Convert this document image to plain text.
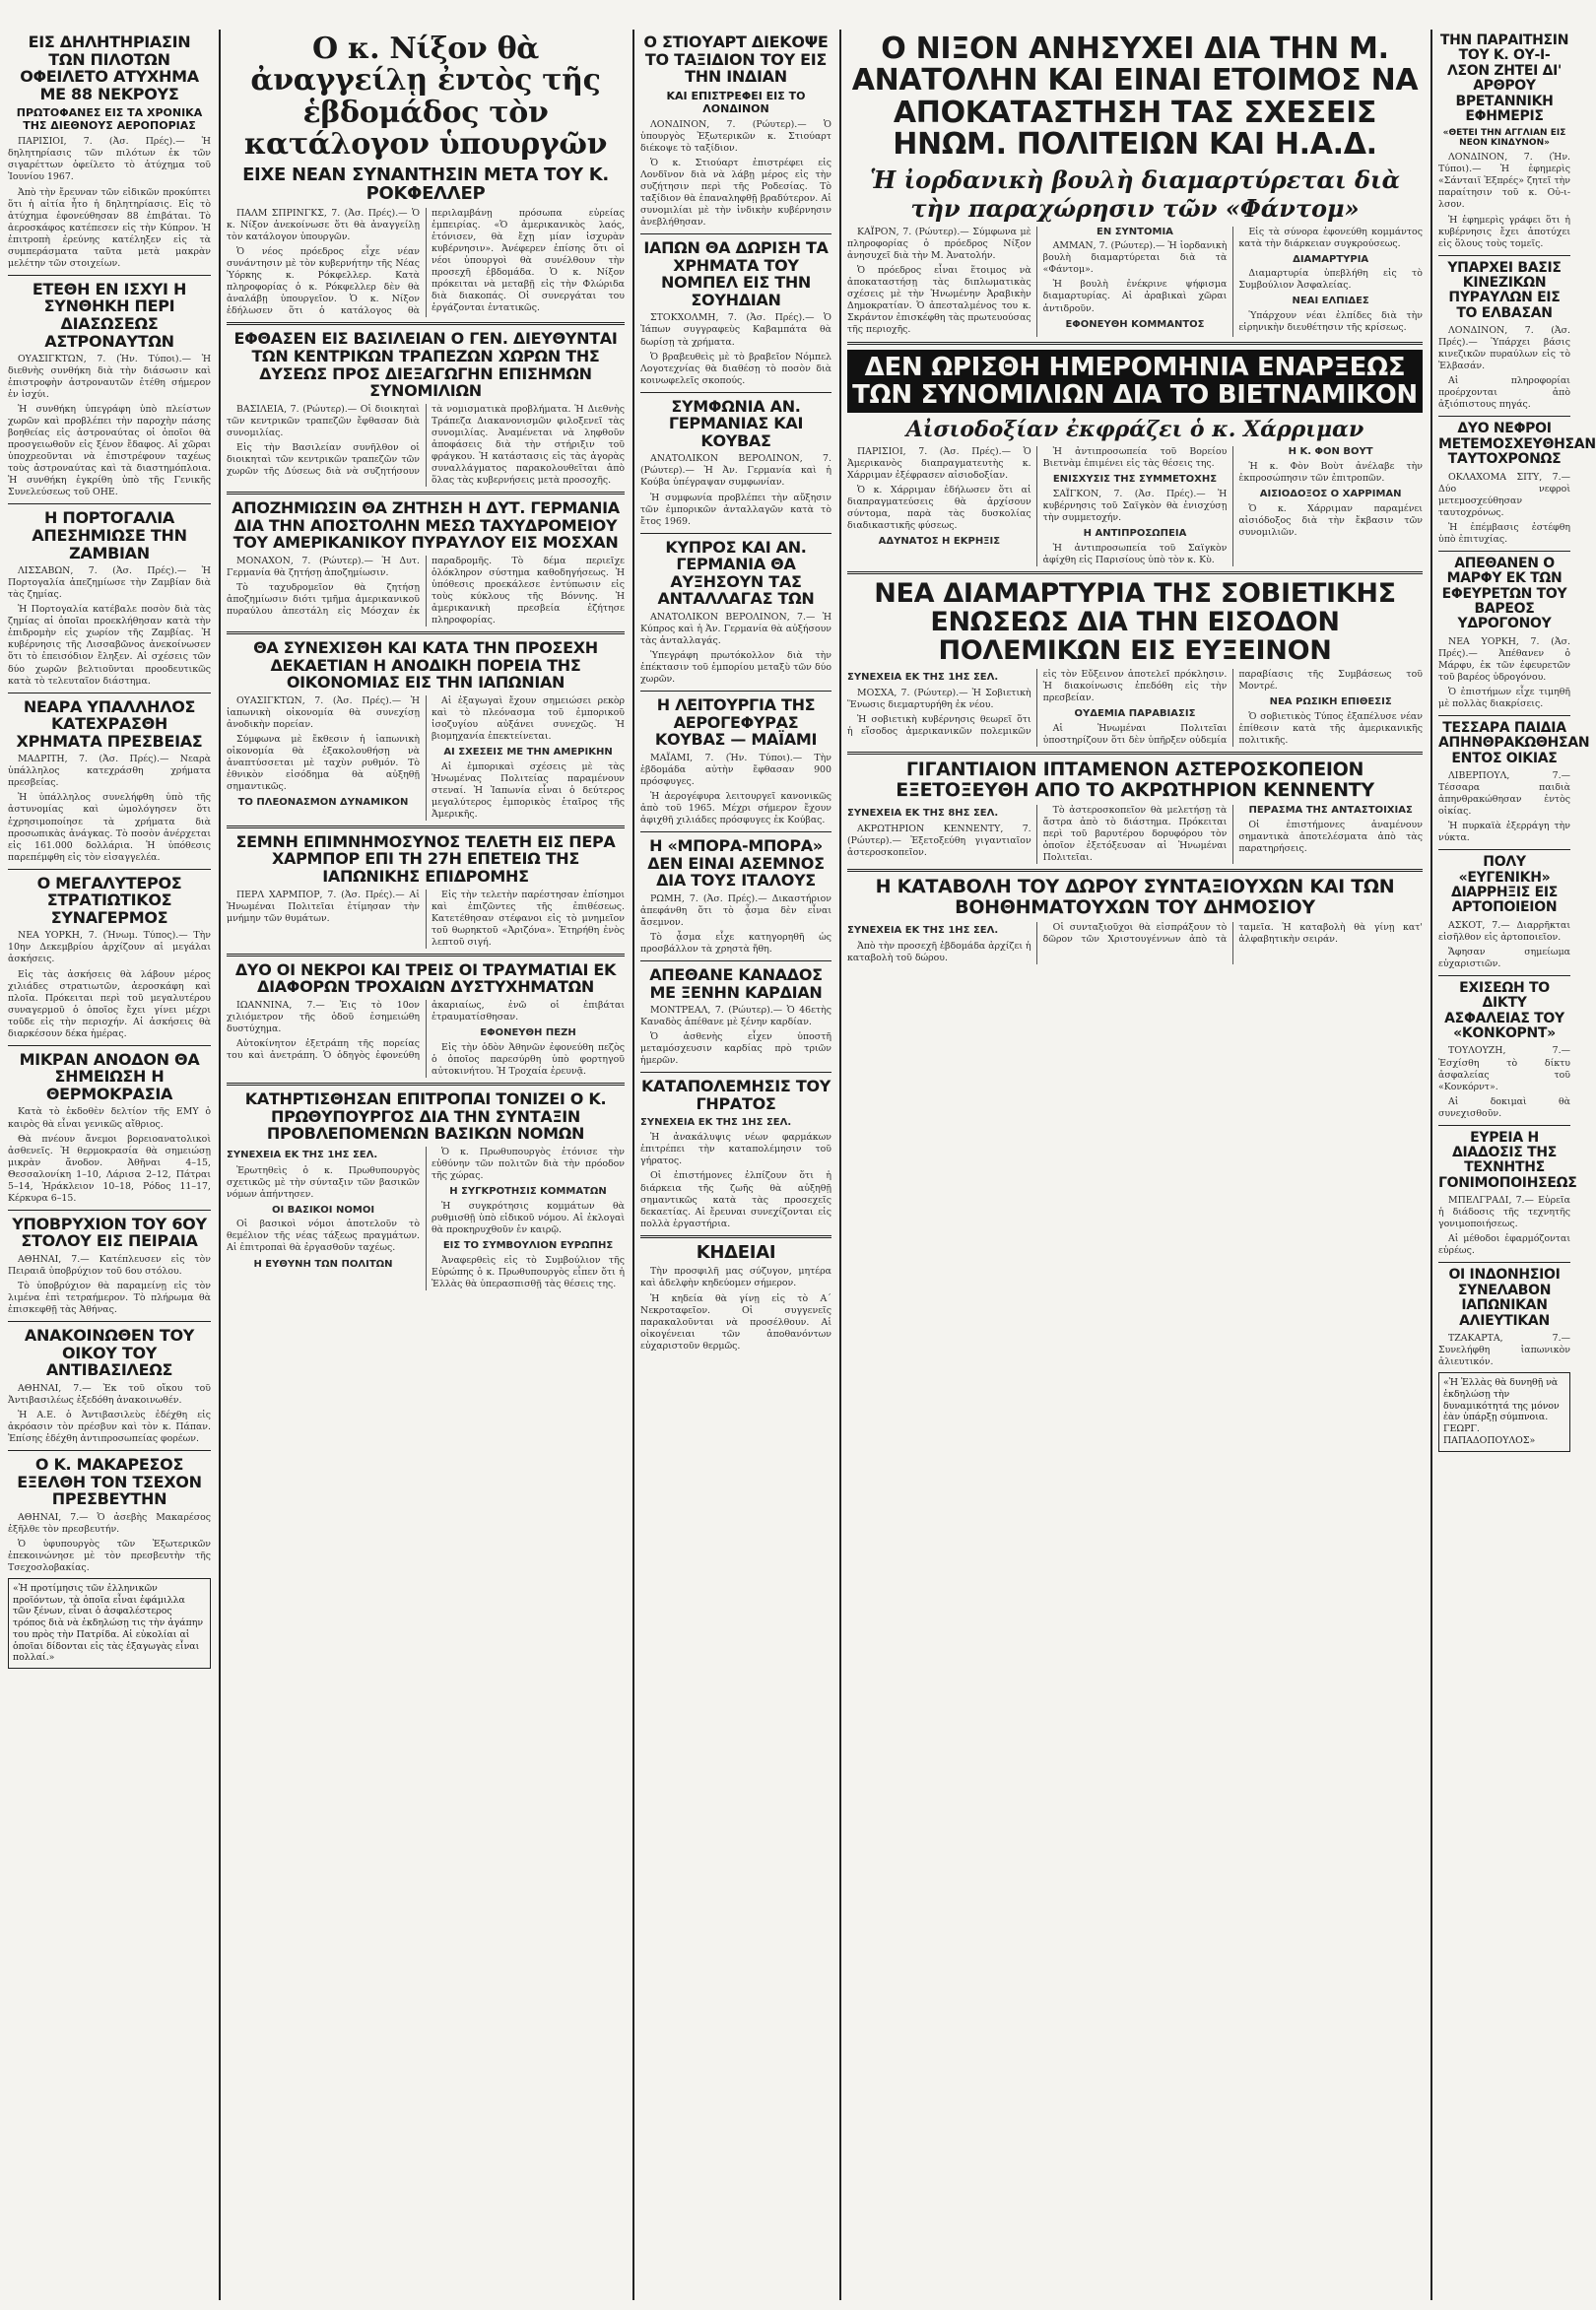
ΕΙΣ ΔΗΛΗΤΗΡΙΑΣΙΝ ΤΩΝ ΠΙΛΟΤΩΝ ΟΦΕΙΛΕΤΟ ΑΤΥΧΗΜΑ ΜΕ 88 ΝΕΚΡΟΥΣ
ΠΡΩΤΟΦΑΝΕΣ ΕΙΣ ΤΑ ΧΡΟΝΙΚΑ ΤΗΣ ΔΙΕΘΝΟΥΣ ΑΕΡΟΠΟΡΙΑΣ

ΠΑΡΙΣΙΟΙ, 7. (Ἀσ. Πρές).— Ἡ δηλητηρίασις τῶν πιλότων ἐκ τῶν σιγαρέττων ὀφείλετο τὸ ἀτύχημα τοῦ Ἰουνίου 1967.

Ἀπὸ τὴν ἔρευναν τῶν εἰδικῶν προκύπτει ὅτι ἡ αἰτία ἦτο ἡ δηλητηρίασις. Εἰς τὸ ἀτύχημα ἐφονεύθησαν 88 ἐπιβάται. Τὸ ἀεροσκάφος κατέπεσεν εἰς τὴν Κύπρον. Ἡ ἐπιτροπὴ ἐρεύνης κατέληξεν εἰς τὰ συμπεράσματα ταῦτα μετὰ μακρὰν μελέτην τῶν στοιχείων.

ΕΤΕΘΗ ΕΝ ΙΣΧΥΙ Η ΣΥΝΘΗΚΗ ΠΕΡΙ ΔΙΑΣΩΣΕΩΣ ΑΣΤΡΟΝΑΥΤΩΝ

ΟΥΑΣΙΓΚΤΩΝ, 7. (Ἡν. Τύποι).— Ἡ διεθνὴς συνθήκη διὰ τὴν διάσωσιν καὶ ἐπιστροφὴν ἀστροναυτῶν ἐτέθη σήμερον ἐν ἰσχύι.

Ἡ συνθήκη ὑπεγράφη ὑπὸ πλείστων χωρῶν καὶ προβλέπει τὴν παροχὴν πάσης βοηθείας εἰς ἀστροναύτας οἱ ὁποῖοι θὰ προσγειωθοῦν εἰς ξένον ἔδαφος. Αἱ χῶραι ὑποχρεοῦνται νὰ ἐπιστρέφουν ταχέως τοὺς ἀστροναύτας καὶ τὰ διαστημόπλοια. Ἡ συνθήκη ἐγκρίθη ὑπὸ τῆς Γενικῆς Συνελεύσεως τοῦ ΟΗΕ.

Η ΠΟΡΤΟΓΑΛΙΑ ΑΠΕΣΗΜΙΩΣΕ ΤΗΝ ΖΑΜΒΙΑΝ

ΛΙΣΣΑΒΩΝ, 7. (Ἀσ. Πρές).— Ἡ Πορτογαλία ἀπεζημίωσε τὴν Ζαμβίαν διὰ τὰς ζημίας.

Ἡ Πορτογαλία κατέβαλε ποσὸν διὰ τὰς ζημίας αἱ ὁποῖαι προεκλήθησαν κατὰ τὴν ἐπιδρομὴν εἰς χωρίον τῆς Ζαμβίας. Ἡ κυβέρνησις τῆς Λισσαβῶνος ἀνεκοίνωσεν ὅτι τὸ ἐπεισόδιον ἔληξεν. Αἱ σχέσεις τῶν δύο χωρῶν βελτιοῦνται προοδευτικῶς κατὰ τὸ τελευταῖον διάστημα.

ΝΕΑΡΑ ΥΠΑΛΛΗΛΟΣ ΚΑΤΕΧΡΑΣΘΗ ΧΡΗΜΑΤΑ ΠΡΕΣΒΕΙΑΣ

ΜΑΔΡΙΤΗ, 7. (Ἀσ. Πρές).— Νεαρὰ ὑπάλληλος κατεχράσθη χρήματα πρεσβείας.

Ἡ ὑπάλληλος συνελήφθη ὑπὸ τῆς ἀστυνομίας καὶ ὡμολόγησεν ὅτι ἐχρησιμοποίησε τὰ χρήματα διὰ προσωπικὰς ἀνάγκας. Τὸ ποσὸν ἀνέρχεται εἰς 161.000 δολλάρια. Ἡ ὑπόθεσις παρεπέμφθη εἰς τὸν εἰσαγγελέα.

Ο ΜΕΓΑΛΥΤΕΡΟΣ ΣΤΡΑΤΙΩΤΙΚΟΣ ΣΥΝΑΓΕΡΜΟΣ

ΝΕΑ ΥΟΡΚΗ, 7. (Ἡνωμ. Τύπος).— Τὴν 10ην Δεκεμβρίου ἀρχίζουν αἱ μεγάλαι ἀσκήσεις.

Εἰς τὰς ἀσκήσεις θὰ λάβουν μέρος χιλιάδες στρατιωτῶν, ἀεροσκάφη καὶ πλοῖα. Πρόκειται περὶ τοῦ μεγαλυτέρου συναγερμοῦ ὁ ὁποῖος ἔχει γίνει μέχρι τοῦδε εἰς τὴν περιοχήν. Αἱ ἀσκήσεις θὰ διαρκέσουν δέκα ἡμέρας.

ΜΙΚΡΑΝ ΑΝΟΔΟΝ ΘΑ ΣΗΜΕΙΩΣΗ Η ΘΕΡΜΟΚΡΑΣΙΑ

Κατὰ τὸ ἐκδοθὲν δελτίον τῆς ΕΜΥ ὁ καιρὸς θὰ εἶναι γενικῶς αἴθριος.

Θὰ πνέουν ἄνεμοι βορειοανατολικοὶ ἀσθενεῖς. Ἡ θερμοκρασία θὰ σημειώσῃ μικρὰν ἄνοδον. Ἀθῆναι 4–15, Θεσσαλονίκη 1–10, Λάρισα 2–12, Πάτραι 5–14, Ἡράκλειον 10–18, Ρόδος 11–17, Κέρκυρα 6–15.

ΥΠΟΒΡΥΧΙΟΝ ΤΟΥ 6ΟΥ ΣΤΟΛΟΥ ΕΙΣ ΠΕΙΡΑΙΑ

ΑΘΗΝΑΙ, 7.— Κατέπλευσεν εἰς τὸν Πειραιᾶ ὑποβρύχιον τοῦ 6ου στόλου.

Τὸ ὑποβρύχιον θὰ παραμείνῃ εἰς τὸν λιμένα ἐπὶ τετραήμερον. Τὸ πλήρωμα θὰ ἐπισκεφθῇ τὰς Ἀθήνας.

ΑΝΑΚΟΙΝΩΘΕΝ ΤΟΥ ΟΙΚΟΥ ΤΟΥ ΑΝΤΙΒΑΣΙΛΕΩΣ

ΑΘΗΝΑΙ, 7.— Ἐκ τοῦ οἴκου τοῦ Ἀντιβασιλέως ἐξεδόθη ἀνακοινωθέν.

Ἡ Α.Ε. ὁ Ἀντιβασιλεὺς ἐδέχθη εἰς ἀκρόασιν τὸν πρέσβυν καὶ τὸν κ. Πάπαν. Ἐπίσης ἐδέχθη ἀντιπροσωπείας φορέων.

Ο Κ. ΜΑΚΑΡΕΣΟΣ ΕΞΕΛΘΗ ΤΟΝ ΤΣΕΧΟΝ ΠΡΕΣΒΕΥΤΗΝ

ΑΘΗΝΑΙ, 7.— Ὁ ἀσεβὴς Μακαρέσος ἐξῆλθε τὸν πρεσβευτήν.

Ὁ ὑφυπουργὸς τῶν Ἐξωτερικῶν ἐπεκοινώνησε μὲ τὸν πρεσβευτὴν τῆς Τσεχοσλοβακίας.

«Ἡ προτίμησις τῶν ἑλληνικῶν προϊόντων, τὰ ὁποῖα εἶναι ἐφάμιλλα τῶν ξένων, εἶναι ὁ ἀσφαλέστερος τρόπος διὰ νὰ ἐκδηλώσῃ τις τὴν ἀγάπην του πρὸς τὴν Πατρίδα. Αἱ εὐκολίαι αἱ ὁποῖαι δίδονται εἰς τὰς ἐξαγωγὰς εἶναι πολλαί.»
Ο κ. Νίξον θὰ ἀναγγείλῃ ἐντὸς τῆς ἑβδομάδος τὸν κατάλογον ὑπουργῶν
ΕΙΧΕ ΝΕΑΝ ΣΥΝΑΝΤΗΣΙΝ ΜΕΤΑ ΤΟΥ Κ. ΡΟΚΦΕΛΛΕΡ

ΠΑΛΜ ΣΠΡΙΝΓΚΣ, 7. (Ἀσ. Πρές).— Ὁ κ. Νίξον ἀνεκοίνωσε ὅτι θὰ ἀναγγείλῃ τὸν κατάλογον ὑπουργῶν.

Ὁ νέος πρόεδρος εἶχε νέαν συνάντησιν μὲ τὸν κυβερνήτην τῆς Νέας Ὑόρκης κ. Ρόκφελλερ. Κατὰ πληροφορίας ὁ κ. Ρόκφελλερ δὲν θὰ ἀναλάβῃ ὑπουργεῖον. Ὁ κ. Νίξον ἐδήλωσεν ὅτι ὁ κατάλογος θὰ περιλαμβάνῃ πρόσωπα εὐρείας ἐμπειρίας. «Ὁ ἀμερικανικὸς λαός, ἐτόνισεν, θὰ ἔχῃ μίαν ἰσχυρὰν κυβέρνησιν». Ἀνέφερεν ἐπίσης ὅτι οἱ νέοι ὑπουργοὶ θὰ συνέλθουν τὴν προσεχῆ ἑβδομάδα. Ὁ κ. Νίξον πρόκειται νὰ μεταβῇ εἰς τὴν Φλώριδα διὰ διακοπάς. Οἱ συνεργάται του ἐργάζονται ἐντατικῶς.

ΕΦΘΑΣΕΝ ΕΙΣ ΒΑΣΙΛΕΙΑΝ Ο ΓΕΝ. ΔΙΕΥΘΥΝΤΑΙ ΤΩΝ ΚΕΝΤΡΙΚΩΝ ΤΡΑΠΕΖΩΝ ΧΩΡΩΝ ΤΗΣ ΔΥΣΕΩΣ ΠΡΟΣ ΔΙΕΞΑΓΩΓΗΝ ΕΠΙΣΗΜΩΝ ΣΥΝΟΜΙΛΙΩΝ

ΒΑΣΙΛΕΙΑ, 7. (Ρώυτερ).— Οἱ διοικηταὶ τῶν κεντρικῶν τραπεζῶν ἔφθασαν διὰ συνομιλίας.

Εἰς τὴν Βασιλείαν συνῆλθον οἱ διοικηταὶ τῶν κεντρικῶν τραπεζῶν τῶν χωρῶν τῆς Δύσεως διὰ νὰ συζητήσουν τὰ νομισματικὰ προβλήματα. Ἡ Διεθνὴς Τράπεζα Διακανονισμῶν φιλοξενεῖ τὰς συνομιλίας. Ἀναμένεται νὰ ληφθοῦν ἀποφάσεις διὰ τὴν στήριξιν τοῦ φράγκου. Ἡ κατάστασις εἰς τὰς ἀγορὰς συναλλάγματος παρακολουθεῖται ἀπὸ ὅλας τὰς κυβερνήσεις μετὰ προσοχῆς.

ΑΠΟΖΗΜΙΩΣΙΝ ΘΑ ΖΗΤΗΣΗ Η ΔΥΤ. ΓΕΡΜΑΝΙΑ ΔΙΑ ΤΗΝ ΑΠΟΣΤΟΛΗΝ ΜΕΣΩ ΤΑΧΥΔΡΟΜΕΙΟΥ ΤΟΥ ΑΜΕΡΙΚΑΝΙΚΟΥ ΠΥΡΑΥΛΟΥ ΕΙΣ ΜΟΣΧΑΝ

ΜΟΝΑΧΟΝ, 7. (Ρώυτερ).— Ἡ Δυτ. Γερμανία θὰ ζητήσῃ ἀποζημίωσιν.

Τὸ ταχυδρομεῖον θὰ ζητήσῃ ἀποζημίωσιν διότι τμῆμα ἀμερικανικοῦ πυραύλου ἀπεστάλη εἰς Μόσχαν ἐκ παραδρομῆς. Τὸ δέμα περιεῖχε ὁλόκληρον σύστημα καθοδηγήσεως. Ἡ ὑπόθεσις προεκάλεσε ἐντύπωσιν εἰς τοὺς κύκλους τῆς Βόννης. Ἡ ἀμερικανικὴ πρεσβεία ἐζήτησε πληροφορίας.

ΘΑ ΣΥΝΕΧΙΣΘΗ ΚΑΙ ΚΑΤΑ ΤΗΝ ΠΡΟΣΕΧΗ ΔΕΚΑΕΤΙΑΝ Η ΑΝΟΔΙΚΗ ΠΟΡΕΙΑ ΤΗΣ ΟΙΚΟΝΟΜΙΑΣ ΕΙΣ ΤΗΝ ΙΑΠΩΝΙΑΝ

ΟΥΑΣΙΓΚΤΩΝ, 7. (Ἀσ. Πρές).— Ἡ ἰαπωνικὴ οἰκονομία θὰ συνεχίσῃ ἀνοδικὴν πορείαν.

Σύμφωνα μὲ ἔκθεσιν ἡ ἰαπωνικὴ οἰκονομία θὰ ἐξακολουθήσῃ νὰ ἀναπτύσσεται μὲ ταχὺν ρυθμόν. Τὸ ἐθνικὸν εἰσόδημα θὰ αὐξηθῇ σημαντικῶς.

ΤΟ ΠΛΕΟΝΑΣΜΟΝ ΔΥΝΑΜΙΚΟΝ

Αἱ ἐξαγωγαὶ ἔχουν σημειώσει ρεκὸρ καὶ τὸ πλεόνασμα τοῦ ἐμπορικοῦ ἰσοζυγίου αὐξάνει συνεχῶς. Ἡ βιομηχανία ἐπεκτείνεται.

ΑΙ ΣΧΕΣΕΙΣ ΜΕ ΤΗΝ ΑΜΕΡΙΚΗΝ

Αἱ ἐμπορικαὶ σχέσεις μὲ τὰς Ἡνωμένας Πολιτείας παραμένουν στεναί. Ἡ Ἰαπωνία εἶναι ὁ δεύτερος μεγαλύτερος ἐμπορικὸς ἑταῖρος τῆς Ἀμερικῆς.

ΣΕΜΝΗ ΕΠΙΜΝΗΜΟΣΥΝΟΣ ΤΕΛΕΤΗ ΕΙΣ ΠΕΡΑ ΧΑΡΜΠΟΡ ΕΠΙ ΤΗ 27Η ΕΠΕΤΕΙΩ ΤΗΣ ΙΑΠΩΝΙΚΗΣ ΕΠΙΔΡΟΜΗΣ

ΠΕΡΛ ΧΑΡΜΠΟΡ, 7. (Ἀσ. Πρές).— Αἱ Ἡνωμέναι Πολιτεῖαι ἐτίμησαν τὴν μνήμην τῶν θυμάτων.

Εἰς τὴν τελετὴν παρέστησαν ἐπίσημοι καὶ ἐπιζῶντες τῆς ἐπιθέσεως. Κατετέθησαν στέφανοι εἰς τὸ μνημεῖον τοῦ θωρηκτοῦ «Ἀριζόνα». Ἐτηρήθη ἐνὸς λεπτοῦ σιγή.

ΔΥΟ ΟΙ ΝΕΚΡΟΙ ΚΑΙ ΤΡΕΙΣ ΟΙ ΤΡΑΥΜΑΤΙΑΙ ΕΚ ΔΙΑΦΟΡΩΝ ΤΡΟΧΑΙΩΝ ΔΥΣΤΥΧΗΜΑΤΩΝ

ΙΩΑΝΝΙΝΑ, 7.— Ἐις τὸ 10ον χιλιόμετρον τῆς ὁδοῦ ἐσημειώθη δυστύχημα.

Αὐτοκίνητον ἐξετράπη τῆς πορείας του καὶ ἀνετράπη. Ὁ ὁδηγὸς ἐφονεύθη ἀκαριαίως, ἐνῶ οἱ ἐπιβάται ἐτραυματίσθησαν.

ΕΦΟΝΕΥΘΗ ΠΕΖΗ

Εἰς τὴν ὁδὸν Ἀθηνῶν ἐφονεύθη πεζὸς ὁ ὁποῖος παρεσύρθη ὑπὸ φορτηγοῦ αὐτοκινήτου. Ἡ Τροχαία ἐρευνᾷ.

ΚΑΤΗΡΤΙΣΘΗΣΑΝ ΕΠΙΤΡΟΠΑΙ ΤΟΝΙΖΕΙ Ο Κ. ΠΡΩΘΥΠΟΥΡΓΟΣ ΔΙΑ ΤΗΝ ΣΥΝΤΑΞΙΝ ΠΡΟΒΛΕΠΟΜΕΝΩΝ ΒΑΣΙΚΩΝ ΝΟΜΩΝ
ΣΥΝΕΧΕΙΑ ΕΚ ΤΗΣ 1ΗΣ ΣΕΛ.

Ἐρωτηθεὶς ὁ κ. Πρωθυπουργὸς σχετικῶς μὲ τὴν σύνταξιν τῶν βασικῶν νόμων ἀπήντησεν.

ΟΙ ΒΑΣΙΚΟΙ ΝΟΜΟΙ

Οἱ βασικοὶ νόμοι ἀποτελοῦν τὸ θεμέλιον τῆς νέας τάξεως πραγμάτων. Αἱ ἐπιτροπαὶ θὰ ἐργασθοῦν ταχέως.

Η ΕΥΘΥΝΗ ΤΩΝ ΠΟΛΙΤΩΝ

Ὁ κ. Πρωθυπουργὸς ἐτόνισε τὴν εὐθύνην τῶν πολιτῶν διὰ τὴν πρόοδον τῆς χώρας.

Η ΣΥΓΚΡΟΤΗΣΙΣ ΚΟΜΜΑΤΩΝ

Ἡ συγκρότησις κομμάτων θὰ ρυθμισθῇ ὑπὸ εἰδικοῦ νόμου. Αἱ ἐκλογαὶ θὰ προκηρυχθοῦν ἐν καιρῷ.

ΕΙΣ ΤΟ ΣΥΜΒΟΥΛΙΟΝ ΕΥΡΩΠΗΣ

Ἀναφερθεὶς εἰς τὸ Συμβούλιον τῆς Εὐρώπης ὁ κ. Πρωθυπουργὸς εἶπεν ὅτι ἡ Ἑλλὰς θὰ ὑπερασπισθῇ τὰς θέσεις της.

Ο ΣΤΙΟΥΑΡΤ ΔΙΕΚΟΨΕ ΤΟ ΤΑΞΙΔΙΟΝ ΤΟΥ ΕΙΣ ΤΗΝ ΙΝΔΙΑΝ
ΚΑΙ ΕΠΙΣΤΡΕΦΕΙ ΕΙΣ ΤΟ ΛΟΝΔΙΝΟΝ

ΛΟΝΔΙΝΟΝ, 7. (Ρώυτερ).— Ὁ ὑπουργὸς Ἐξωτερικῶν κ. Στιούαρτ διέκοψε τὸ ταξίδιον.

Ὁ κ. Στιούαρτ ἐπιστρέφει εἰς Λονδῖνον διὰ νὰ λάβῃ μέρος εἰς τὴν συζήτησιν περὶ τῆς Ροδεσίας. Τὸ ταξίδιον θὰ ἐπαναληφθῇ βραδύτερον. Αἱ συνομιλίαι μὲ τὴν ἰνδικὴν κυβέρνησιν ἀνεβλήθησαν.

ΙΑΠΩΝ ΘΑ ΔΩΡΙΣΗ ΤΑ ΧΡΗΜΑΤΑ ΤΟΥ ΝΟΜΠΕΛ ΕΙΣ ΤΗΝ ΣΟΥΗΔΙΑΝ

ΣΤΟΚΧΟΛΜΗ, 7. (Ἀσ. Πρές).— Ὁ Ἰάπων συγγραφεὺς Καβαμπάτα θὰ δωρίσῃ τὰ χρήματα.

Ὁ βραβευθεὶς μὲ τὸ βραβεῖον Νόμπελ Λογοτεχνίας θὰ διαθέσῃ τὸ ποσὸν διὰ κοινωφελεῖς σκοπούς.

ΣΥΜΦΩΝΙΑ ΑΝ. ΓΕΡΜΑΝΙΑΣ ΚΑΙ ΚΟΥΒΑΣ

ΑΝΑΤΟΛΙΚΟΝ ΒΕΡΟΛΙΝΟΝ, 7. (Ρώυτερ).— Ἡ Ἀν. Γερμανία καὶ ἡ Κούβα ὑπέγραψαν συμφωνίαν.

Ἡ συμφωνία προβλέπει τὴν αὔξησιν τῶν ἐμπορικῶν ἀνταλλαγῶν κατὰ τὸ ἔτος 1969.

ΚΥΠΡΟΣ ΚΑΙ ΑΝ. ΓΕΡΜΑΝΙΑ ΘΑ ΑΥΞΗΣΟΥΝ ΤΑΣ ΑΝΤΑΛΛΑΓΑΣ ΤΩΝ

ΑΝΑΤΟΛΙΚΟΝ ΒΕΡΟΛΙΝΟΝ, 7.— Ἡ Κύπρος καὶ ἡ Ἀν. Γερμανία θὰ αὐξήσουν τὰς ἀνταλλαγάς.

Ὑπεγράφη πρωτόκολλον διὰ τὴν ἐπέκτασιν τοῦ ἐμπορίου μεταξὺ τῶν δύο χωρῶν.

Η ΛΕΙΤΟΥΡΓΙΑ ΤΗΣ ΑΕΡΟΓΕΦΥΡΑΣ ΚΟΥΒΑΣ — ΜΑΪΑΜΙ

ΜΑΪΑΜΙ, 7. (Ἡν. Τύποι).— Τὴν ἑβδομάδα αὐτὴν ἔφθασαν 900 πρόσφυγες.

Ἡ ἀερογέφυρα λειτουργεῖ κανονικῶς ἀπὸ τοῦ 1965. Μέχρι σήμερον ἔχουν ἀφιχθῆ χιλιάδες πρόσφυγες ἐκ Κούβας.

Η «ΜΠΟΡΑ-ΜΠΟΡΑ» ΔΕΝ ΕΙΝΑΙ ΑΣΕΜΝΟΣ ΔΙΑ ΤΟΥΣ ΙΤΑΛΟΥΣ

ΡΩΜΗ, 7. (Ἀσ. Πρές).— Δικαστήριον ἀπεφάνθη ὅτι τὸ ᾆσμα δὲν εἶναι ἄσεμνον.

Τὸ ᾆσμα εἶχε κατηγορηθῆ ὡς προσβάλλον τὰ χρηστὰ ἤθη.

ΑΠΕΘΑΝΕ ΚΑΝΑΔΟΣ ΜΕ ΞΕΝΗΝ ΚΑΡΔΙΑΝ

ΜΟΝΤΡΕΑΛ, 7. (Ρώυτερ).— Ὁ 46ετὴς Καναδὸς ἀπέθανε μὲ ξένην καρδίαν.

Ὁ ἀσθενὴς εἶχεν ὑποστῆ μεταμόσχευσιν καρδίας πρὸ τριῶν ἡμερῶν.

ΚΑΤΑΠΟΛΕΜΗΣΙΣ ΤΟΥ ΓΗΡΑΤΟΣ
ΣΥΝΕΧΕΙΑ ΕΚ ΤΗΣ 1ΗΣ ΣΕΛ.

Ἡ ἀνακάλυψις νέων φαρμάκων ἐπιτρέπει τὴν καταπολέμησιν τοῦ γήρατος.

Οἱ ἐπιστήμονες ἐλπίζουν ὅτι ἡ διάρκεια τῆς ζωῆς θὰ αὐξηθῇ σημαντικῶς κατὰ τὰς προσεχεῖς δεκαετίας. Αἱ ἔρευναι συνεχίζονται εἰς πολλὰ ἐργαστήρια.

ΚΗΔΕΙΑΙ

Τὴν προσφιλῆ μας σύζυγον, μητέρα καὶ ἀδελφὴν κηδεύομεν σήμερον.

Ἡ κηδεία θὰ γίνῃ εἰς τὸ Α΄ Νεκροταφεῖον. Οἱ συγγενεῖς παρακαλοῦνται νὰ προσέλθουν. Αἱ οἰκογένειαι τῶν ἀποθανόντων εὐχαριστοῦν θερμῶς.

Ο ΝΙΞΟΝ ΑΝΗΣΥΧΕΙ ΔΙΑ ΤΗΝ Μ. ΑΝΑΤΟΛΗΝ ΚΑΙ ΕΙΝΑΙ ΕΤΟΙΜΟΣ ΝΑ ΑΠΟΚΑΤΑΣΤΗΣΗ ΤΑΣ ΣΧΕΣΕΙΣ ΗΝΩΜ. ΠΟΛΙΤΕΙΩΝ ΚΑΙ Η.Α.Δ.
Ἡ ἰορδανικὴ βουλὴ διαμαρτύρεται διὰ τὴν παραχώρησιν τῶν «Φάντομ»

ΚΑΪΡΟΝ, 7. (Ρώυτερ).— Σύμφωνα μὲ πληροφορίας ὁ πρόεδρος Νίξον ἀνησυχεῖ διὰ τὴν Μ. Ἀνατολήν.

Ὁ πρόεδρος εἶναι ἕτοιμος νὰ ἀποκαταστήσῃ τὰς διπλωματικὰς σχέσεις μὲ τὴν Ἡνωμένην Ἀραβικὴν Δημοκρατίαν. Ὁ ἀπεσταλμένος του κ. Σκράντον ἐπισκέφθη τὰς πρωτευούσας τῆς περιοχῆς.

ΕΝ ΣΥΝΤΟΜΙΑ

ΑΜΜΑΝ, 7. (Ρώυτερ).— Ἡ ἰορδανικὴ βουλὴ διαμαρτύρεται διὰ τὰ «Φάντομ».

Ἡ βουλὴ ἐνέκρινε ψήφισμα διαμαρτυρίας. Αἱ ἀραβικαὶ χῶραι ἀντιδροῦν.

ΕΦΟΝΕΥΘΗ ΚΟΜΜΑΝΤΟΣ

Εἰς τὰ σύνορα ἐφονεύθη κομμάντος κατὰ τὴν διάρκειαν συγκρούσεως.

ΔΙΑΜΑΡΤΥΡΙΑ

Διαμαρτυρία ὑπεβλήθη εἰς τὸ Συμβούλιον Ἀσφαλείας.

ΝΕΑΙ ΕΛΠΙΔΕΣ

Ὑπάρχουν νέαι ἐλπίδες διὰ τὴν εἰρηνικὴν διευθέτησιν τῆς κρίσεως.

ΔΕΝ ΩΡΙΣΘΗ ΗΜΕΡΟΜΗΝΙΑ ΕΝΑΡΞΕΩΣ ΤΩΝ ΣΥΝΟΜΙΛΙΩΝ ΔΙΑ ΤΟ ΒΙΕΤΝΑΜΙΚΟΝ
Αἰσιοδοξίαν ἐκφράζει ὁ κ. Χάρριμαν

ΠΑΡΙΣΙΟΙ, 7. (Ἀσ. Πρές).— Ὁ Ἀμερικανὸς διαπραγματευτὴς κ. Χάρριμαν ἐξέφρασεν αἰσιοδοξίαν.

Ὁ κ. Χάρριμαν ἐδήλωσεν ὅτι αἱ διαπραγματεύσεις θὰ ἀρχίσουν σύντομα, παρὰ τὰς δυσκολίας διαδικαστικῆς φύσεως.

ΑΔΥΝΑΤΟΣ Η ΕΚΡΗΞΙΣ

Ἡ ἀντιπροσωπεία τοῦ Βορείου Βιετνὰμ ἐπιμένει εἰς τὰς θέσεις της.

ΕΝΙΣΧΥΣΙΣ ΤΗΣ ΣΥΜΜΕΤΟΧΗΣ

ΣΑΪΓΚΟΝ, 7. (Ἀσ. Πρές).— Ἡ κυβέρνησις τοῦ Σαϊγκὸν θὰ ἐνισχύσῃ τὴν συμμετοχήν.

Η ΑΝΤΙΠΡΟΣΩΠΕΙΑ

Ἡ ἀντιπροσωπεία τοῦ Σαϊγκὸν ἀφίχθη εἰς Παρισίους ὑπὸ τὸν κ. Κὺ.

Η Κ. ΦΟΝ ΒΟΥΤ

Ἡ κ. Φὸν Βοὺτ ἀνέλαβε τὴν ἐκπροσώπησιν τῶν ἐπιτροπῶν.

ΑΙΣΙΟΔΟΞΟΣ Ο ΧΑΡΡΙΜΑΝ

Ὁ κ. Χάρριμαν παραμένει αἰσιόδοξος διὰ τὴν ἔκβασιν τῶν συνομιλιῶν.

ΝΕΑ ΔΙΑΜΑΡΤΥΡΙΑ ΤΗΣ ΣΟΒΙΕΤΙΚΗΣ ΕΝΩΣΕΩΣ ΔΙΑ ΤΗΝ ΕΙΣΟΔΟΝ ΠΟΛΕΜΙΚΩΝ ΕΙΣ ΕΥΞΕΙΝΟΝ
ΣΥΝΕΧΕΙΑ ΕΚ ΤΗΣ 1ΗΣ ΣΕΛ.

ΜΟΣΧΑ, 7. (Ρώυτερ).— Ἡ Σοβιετικὴ Ἕνωσις διεμαρτυρήθη ἐκ νέου.

Ἡ σοβιετικὴ κυβέρνησις θεωρεῖ ὅτι ἡ εἴσοδος ἀμερικανικῶν πολεμικῶν εἰς τὸν Εὔξεινον ἀποτελεῖ πρόκλησιν. Ἡ διακοίνωσις ἐπεδόθη εἰς τὴν πρεσβείαν.

ΟΥΔΕΜΙΑ ΠΑΡΑΒΙΑΣΙΣ

Αἱ Ἡνωμέναι Πολιτεῖαι ὑποστηρίζουν ὅτι δὲν ὑπῆρξεν οὐδεμία παραβίασις τῆς Συμβάσεως τοῦ Μοντρέ.

ΝΕΑ ΡΩΣΙΚΗ ΕΠΙΘΕΣΙΣ

Ὁ σοβιετικὸς Τύπος ἐξαπέλυσε νέαν ἐπίθεσιν κατὰ τῆς ἀμερικανικῆς πολιτικῆς.

ΓΙΓΑΝΤΙΑΙΟΝ ΙΠΤΑΜΕΝΟΝ ΑΣΤΕΡΟΣΚΟΠΕΙΟΝ ΕΞΕΤΟΞΕΥΘΗ ΑΠΟ ΤΟ ΑΚΡΩΤΗΡΙΟΝ ΚΕΝΝΕΝΤΥ
ΣΥΝΕΧΕΙΑ ΕΚ ΤΗΣ 8ΗΣ ΣΕΛ.

ΑΚΡΩΤΗΡΙΟΝ ΚΕΝΝΕΝΤΥ, 7. (Ρώυτερ).— Ἐξετοξεύθη γιγαντιαῖον ἀστεροσκοπεῖον.

Τὸ ἀστεροσκοπεῖον θὰ μελετήσῃ τὰ ἄστρα ἀπὸ τὸ διάστημα. Πρόκειται περὶ τοῦ βαρυτέρου δορυφόρου τὸν ὁποῖον ἐξετόξευσαν αἱ Ἡνωμέναι Πολιτεῖαι.

ΠΕΡΑΣΜΑ ΤΗΣ ΑΝΤΑΣΤΟΙΧΙΑΣ

Οἱ ἐπιστήμονες ἀναμένουν σημαντικὰ ἀποτελέσματα ἀπὸ τὰς παρατηρήσεις.

Η ΚΑΤΑΒΟΛΗ ΤΟΥ ΔΩΡΟΥ ΣΥΝΤΑΞΙΟΥΧΩΝ ΚΑΙ ΤΩΝ ΒΟΗΘΗΜΑΤΟΥΧΩΝ ΤΟΥ ΔΗΜΟΣΙΟΥ
ΣΥΝΕΧΕΙΑ ΕΚ ΤΗΣ 1ΗΣ ΣΕΛ.

Ἀπὸ τὴν προσεχῆ ἑβδομάδα ἀρχίζει ἡ καταβολὴ τοῦ δώρου.

Οἱ συνταξιοῦχοι θὰ εἰσπράξουν τὸ δῶρον τῶν Χριστουγέννων ἀπὸ τὰ ταμεῖα. Ἡ καταβολὴ θὰ γίνῃ κατ' ἀλφαβητικὴν σειράν.

ΤΗΝ ΠΑΡΑΙΤΗΣΙΝ ΤΟΥ Κ. ΟΥ-Ι-ΛΣΟΝ ΖΗΤΕΙ ΔΙ' ΑΡΘΡΟΥ ΒΡΕΤΑΝΝΙΚΗ ΕΦΗΜΕΡΙΣ
«ΘΕΤΕΙ ΤΗΝ ΑΓΓΛΙΑΝ ΕΙΣ ΝΕΟΝ ΚΙΝΔΥΝΟΝ»

ΛΟΝΔΙΝΟΝ, 7. (Ἡν. Τύποι).— Ἡ ἐφημερὶς «Σάνταιϊ Ἐξπρές» ζητεῖ τὴν παραίτησιν τοῦ κ. Οὐ-ι-λσον.

Ἡ ἐφημερὶς γράφει ὅτι ἡ κυβέρνησις ἔχει ἀποτύχει εἰς ὅλους τοὺς τομεῖς.

ΥΠΑΡΧΕΙ ΒΑΣΙΣ ΚΙΝΕΖΙΚΩΝ ΠΥΡΑΥΛΩΝ ΕΙΣ ΤΟ ΕΛΒΑΣΑΝ

ΛΟΝΔΙΝΟΝ, 7. (Ἀσ. Πρές).— Ὑπάρχει βάσις κινεζικῶν πυραύλων εἰς τὸ Ἐλβασάν.

Αἱ πληροφορίαι προέρχονται ἀπὸ ἀξιόπιστους πηγάς.

ΔΥΟ ΝΕΦΡΟΙ ΜΕΤΕΜΟΣΧΕΥΘΗΣΑΝ ΤΑΥΤΟΧΡΟΝΩΣ

ΟΚΛΑΧΟΜΑ ΣΙΤΥ, 7.— Δύο νεφροὶ μετεμοσχεύθησαν ταυτοχρόνως.

Ἡ ἐπέμβασις ἐστέφθη ὑπὸ ἐπιτυχίας.

ΑΠΕΘΑΝΕΝ Ο ΜΑΡΦΥ ΕΚ ΤΩΝ ΕΦΕΥΡΕΤΩΝ ΤΟΥ ΒΑΡΕΟΣ ΥΔΡΟΓΟΝΟΥ

ΝΕΑ ΥΟΡΚΗ, 7. (Ἀσ. Πρές).— Ἀπέθανεν ὁ Μάρφυ, ἐκ τῶν ἐφευρετῶν τοῦ βαρέος ὑδρογόνου.

Ὁ ἐπιστήμων εἶχε τιμηθῆ μὲ πολλὰς διακρίσεις.

ΤΕΣΣΑΡΑ ΠΑΙΔΙΑ ΑΠΗΝΘΡΑΚΩΘΗΣΑΝ ΕΝΤΟΣ ΟΙΚΙΑΣ

ΛΙΒΕΡΠΟΥΛ, 7.— Τέσσαρα παιδιὰ ἀπηνθρακώθησαν ἐντὸς οἰκίας.

Ἡ πυρκαϊὰ ἐξερράγη τὴν νύκτα.

ΠΟΛΥ «ΕΥΓΕΝΙΚΗ» ΔΙΑΡΡΗΞΙΣ ΕΙΣ ΑΡΤΟΠΟΙΕΙΟΝ

ΑΣΚΟΤ, 7.— Διαρρῆκται εἰσῆλθον εἰς ἀρτοποιεῖον.

Ἄφησαν σημείωμα εὐχαριστιῶν.

ΕΧΙΣΕΩΗ ΤΟ ΔΙΚΤΥ ΑΣΦΑΛΕΙΑΣ ΤΟΥ «ΚΟΝΚΟΡΝΤ»

ΤΟΥΛΟΥΖΗ, 7.— Ἐσχίσθη τὸ δίκτυ ἀσφαλείας τοῦ «Κονκόρντ».

Αἱ δοκιμαὶ θὰ συνεχισθοῦν.

ΕΥΡΕΙΑ Η ΔΙΑΔΟΣΙΣ ΤΗΣ ΤΕΧΝΗΤΗΣ ΓΟΝΙΜΟΠΟΙΗΣΕΩΣ

ΜΠΕΛΓΡΑΔΙ, 7.— Εὐρεῖα ἡ διάδοσις τῆς τεχνητῆς γονιμοποιήσεως.

Αἱ μέθοδοι ἐφαρμόζονται εὐρέως.

ΟΙ ΙΝΔΟΝΗΣΙΟΙ ΣΥΝΕΛΑΒΟΝ ΙΑΠΩΝΙΚΑΝ ΑΛΙΕΥΤΙΚΑΝ

ΤΖΑΚΑΡΤΑ, 7.— Συνελήφθη ἰαπωνικὸν ἀλιευτικόν.

«Ἡ Ἑλλὰς θὰ δυνηθῇ νὰ ἐκδηλώσῃ τὴν δυναμικότητά της μόνον ἐὰν ὑπάρξῃ σύμπνοια. ΓΕΩΡΓ. ΠΑΠΑΔΟΠΟΥΛΟΣ»
